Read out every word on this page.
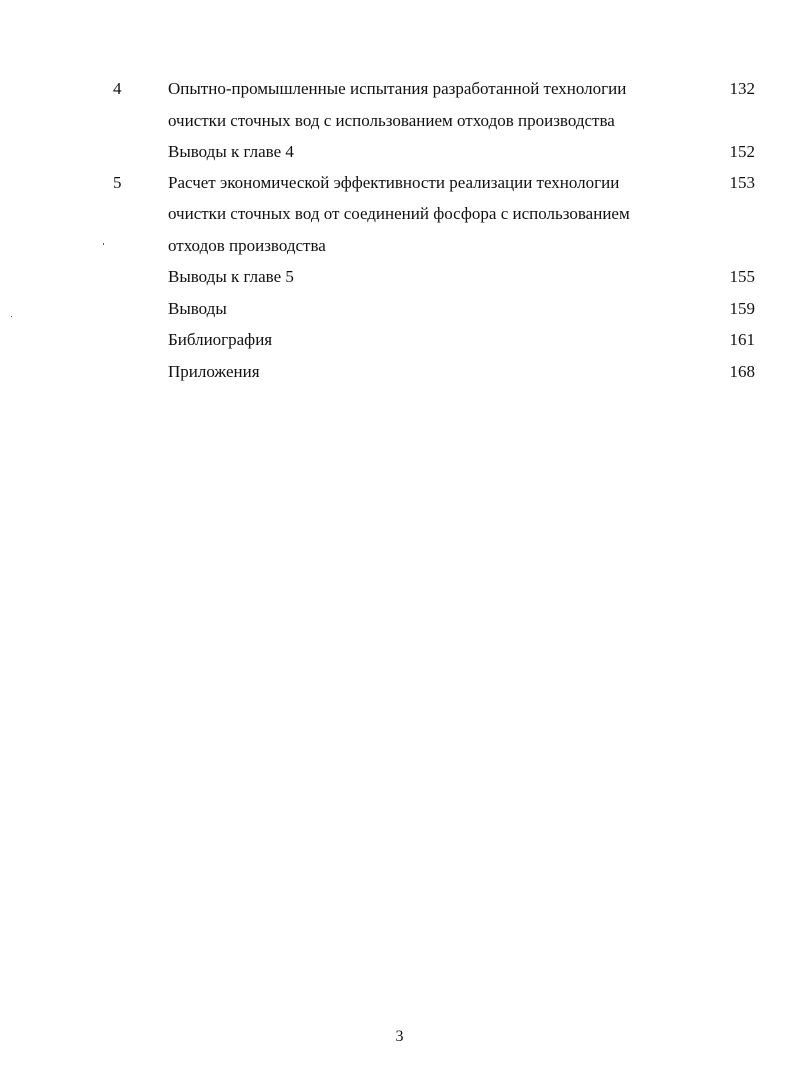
4	Опытно-промышленные испытания разработанной технологии	132
очистки сточных вод с использованием отходов производства
Выводы к главе 4	152
5	Расчет экономической эффективности реализации технологии	153
очистки сточных вод от соединений фосфора с использованием
отходов производства
Выводы к главе 5	155
Выводы	159
Библиография	161
Приложения	168
3
